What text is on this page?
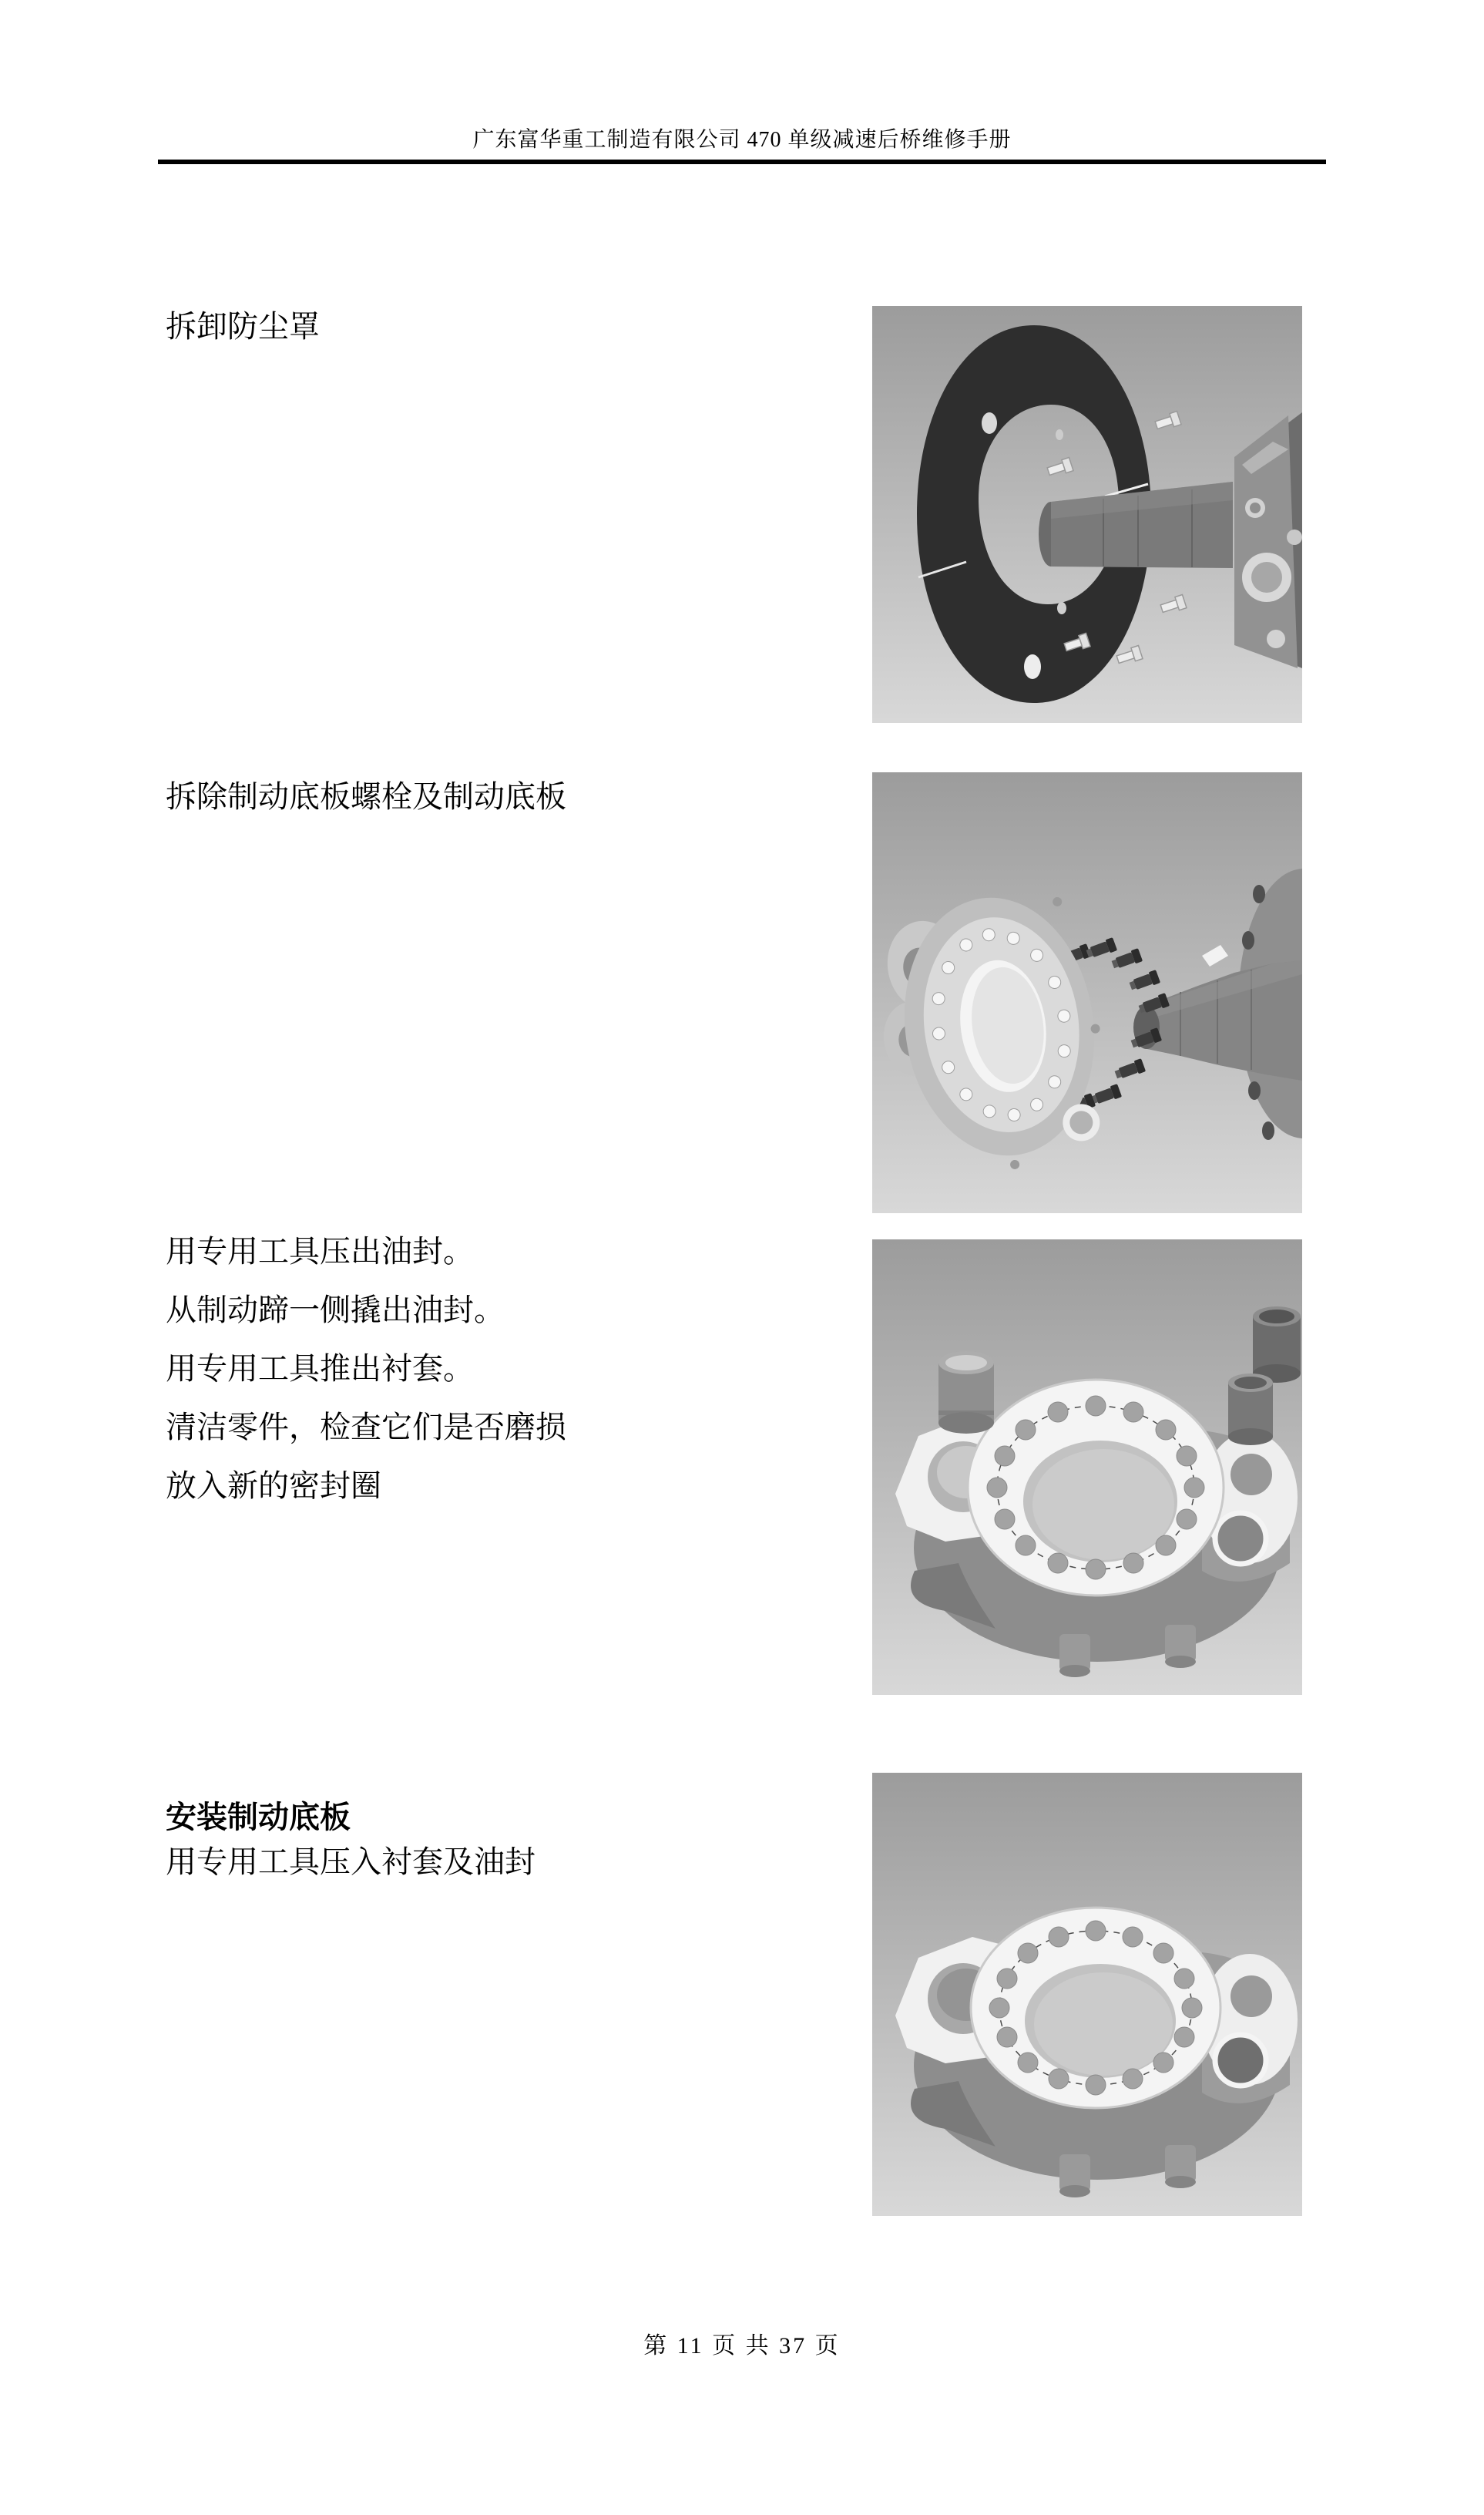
广东富华重工制造有限公司 470 单级减速后桥维修手册
拆卸防尘罩
拆除制动底板螺栓及制动底板
用专用工具压出油封。
从制动蹄一侧撬出油封。
用专用工具推出衬套。
清洁零件，检查它们是否磨损
放入新的密封圈
安装制动底板
用专用工具压入衬套及油封
第 11 页 共 37 页
